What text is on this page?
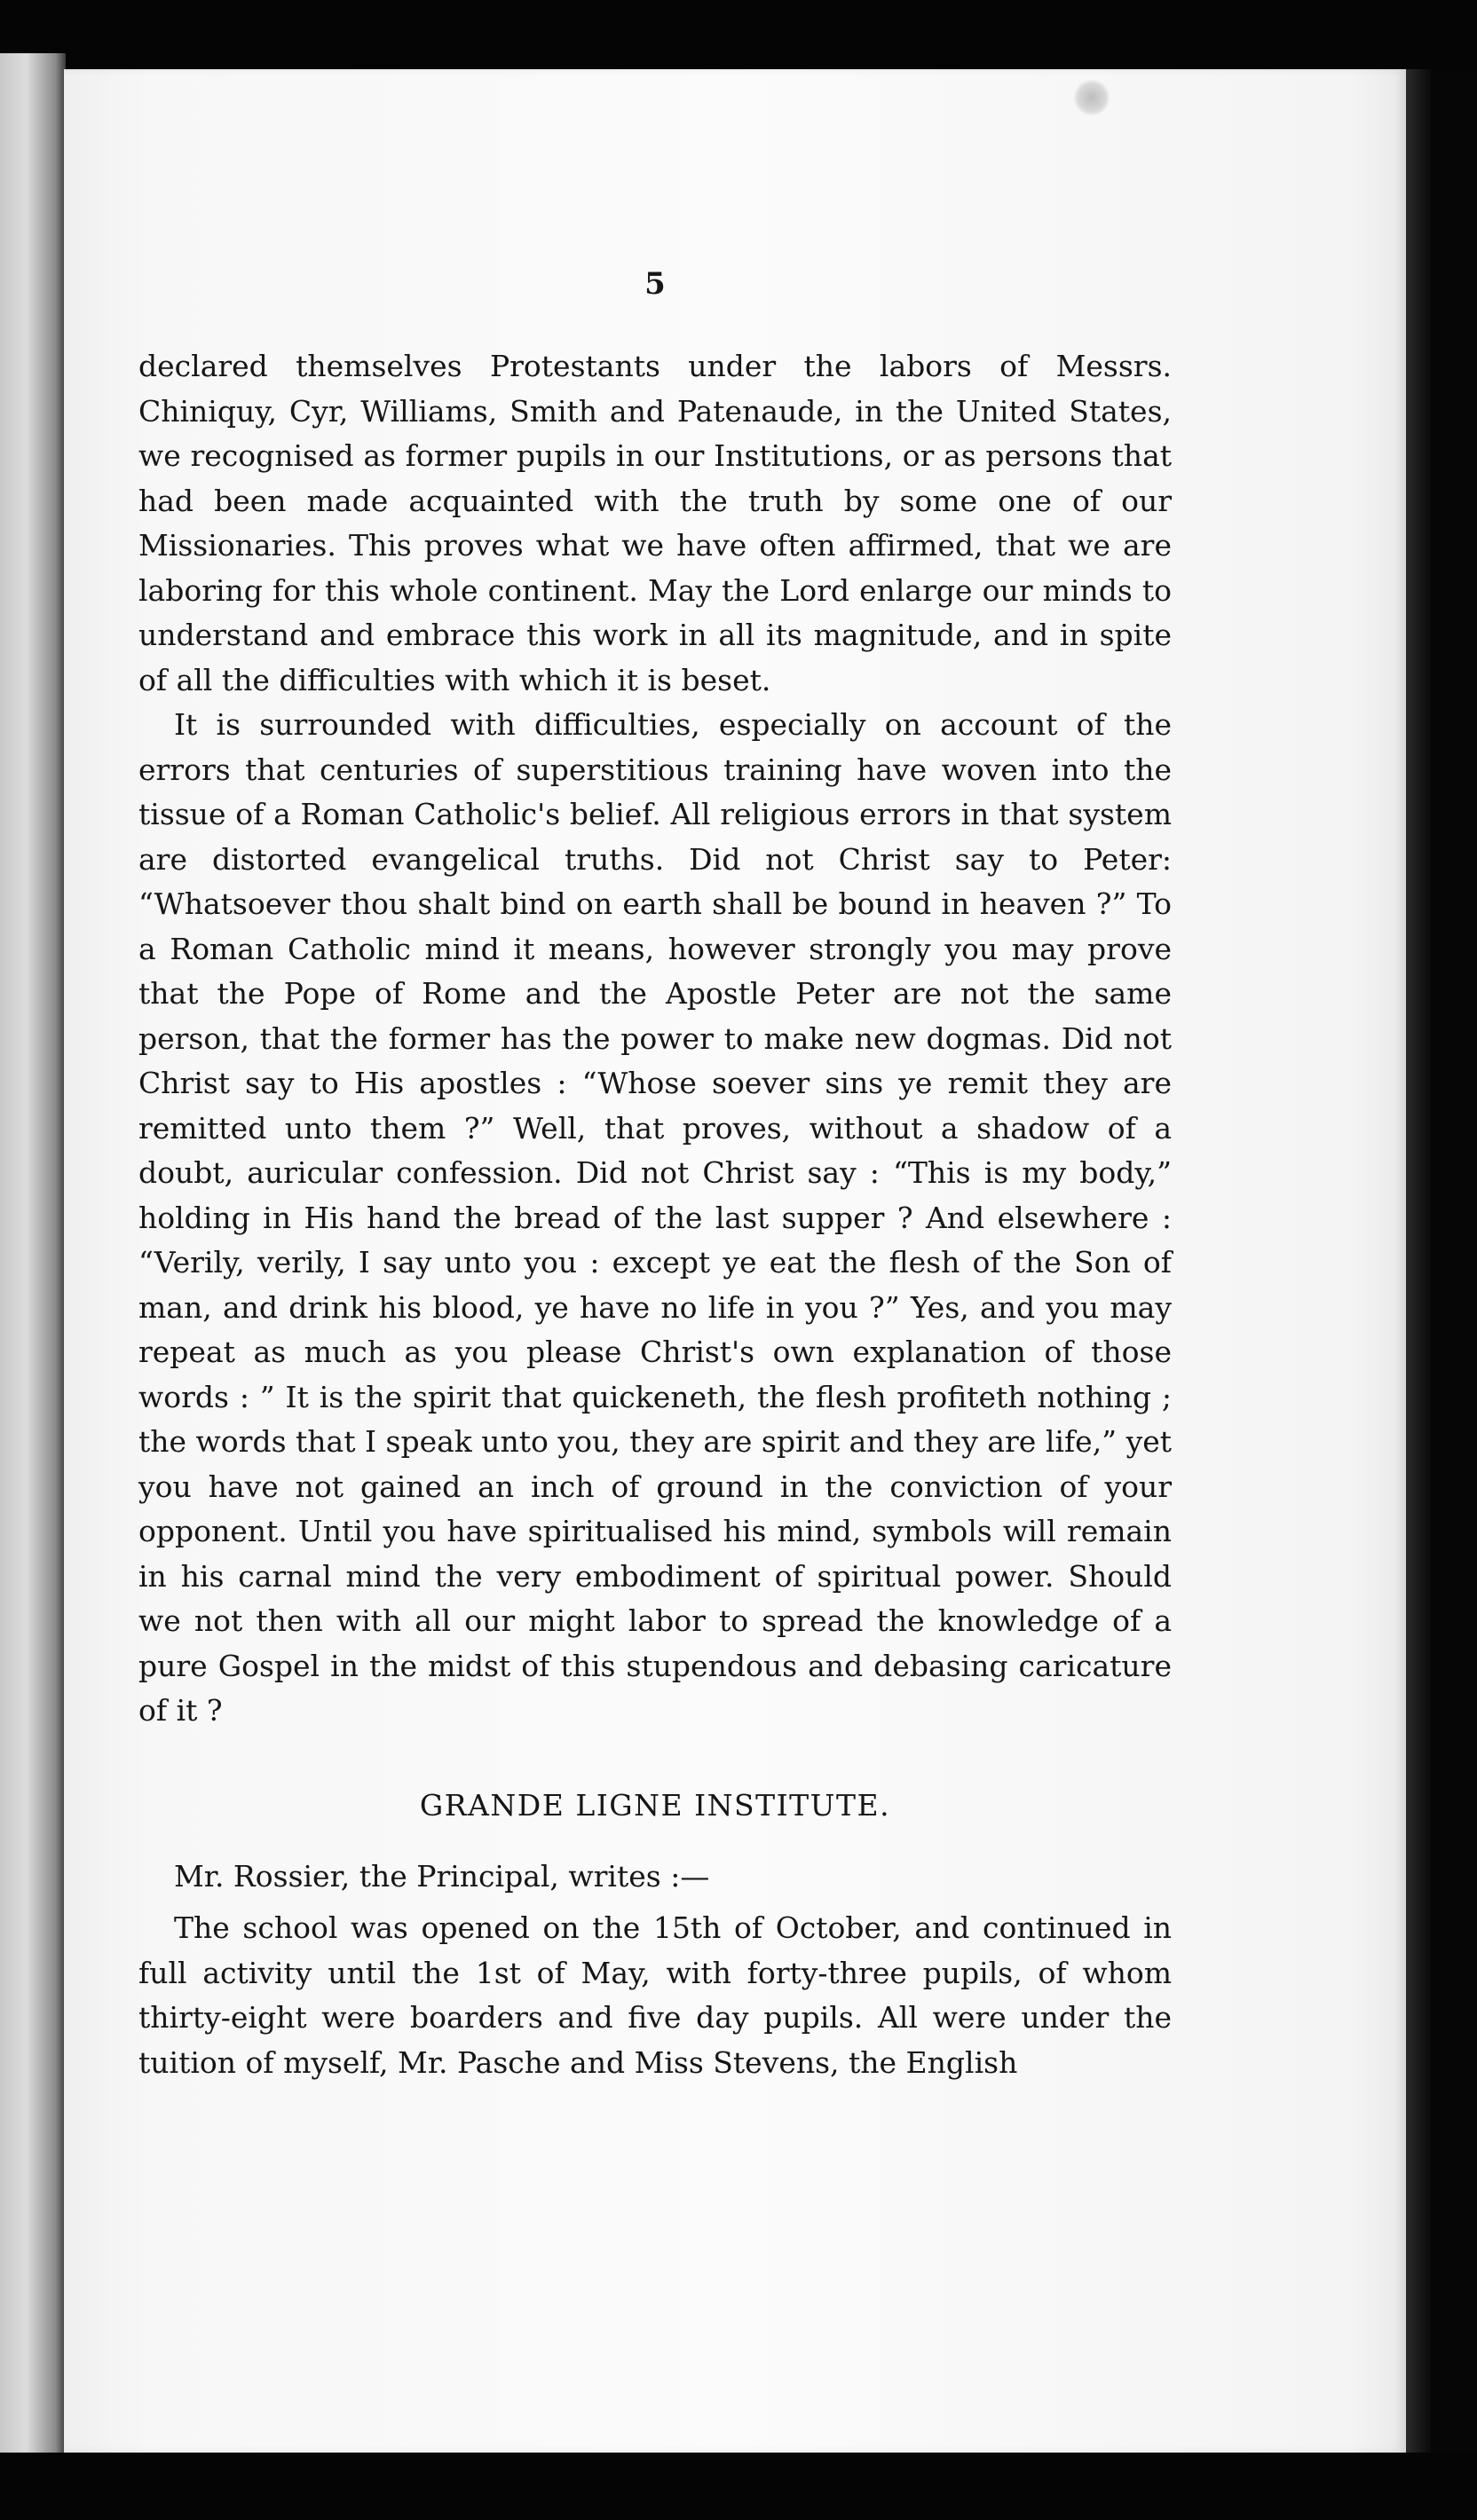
5

declared themselves Protestants under the labors of Messrs. Chiniquy, Cyr, Williams, Smith and Patenaude, in the United States, we recognised as former pupils in our Institutions, or as persons that had been made acquainted with the truth by some one of our Missionaries. This proves what we have often affirmed, that we are laboring for this whole continent. May the Lord enlarge our minds to understand and embrace this work in all its magnitude, and in spite of all the difficulties with which it is beset.

It is surrounded with difficulties, especially on account of the errors that centuries of superstitious training have woven into the tissue of a Roman Catholic's belief. All religious errors in that system are distorted evangelical truths. Did not Christ say to Peter: “Whatsoever thou shalt bind on earth shall be bound in heaven ?” To a Roman Catholic mind it means, however strongly you may prove that the Pope of Rome and the Apostle Peter are not the same person, that the former has the power to make new dogmas. Did not Christ say to His apostles : “Whose soever sins ye remit they are remitted unto them ?” Well, that proves, without a shadow of a doubt, auricular confession. Did not Christ say : “This is my body,” holding in His hand the bread of the last supper ? And elsewhere : “Verily, verily, I say unto you : except ye eat the flesh of the Son of man, and drink his blood, ye have no life in you ?” Yes, and you may repeat as much as you please Christ's own explanation of those words : ” It is the spirit that quickeneth, the flesh profiteth nothing ; the words that I speak unto you, they are spirit and they are life,” yet you have not gained an inch of ground in the conviction of your opponent. Until you have spiritualised his mind, symbols will remain in his carnal mind the very embodiment of spiritual power. Should we not then with all our might labor to spread the knowledge of a pure Gospel in the midst of this stupendous and debasing caricature of it ?

GRANDE LIGNE INSTITUTE.

Mr. Rossier, the Principal, writes :—

The school was opened on the 15th of October, and continued in full activity until the 1st of May, with forty-three pupils, of whom thirty-eight were boarders and five day pupils. All were under the tuition of myself, Mr. Pasche and Miss Stevens, the English
